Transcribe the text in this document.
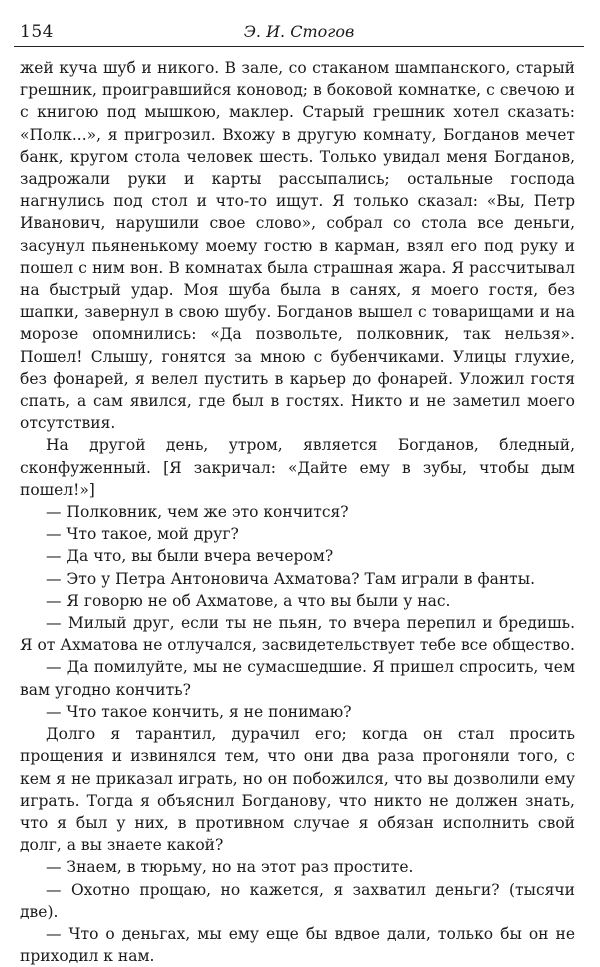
154	Э. И. Стогов

жей куча шуб и никого. В зале, со стаканом шампанского, старый грешник, проигравшийся коновод; в боковой комнатке, с свечою и с книгою под мышкою, маклер. Старый грешник хотел сказать: «Полк...», я пригрозил. Вхожу в другую комнату, Богданов мечет банк, кругом стола человек шесть. Только увидал меня Богданов, задрожали руки и карты рассыпались; остальные господа нагнулись под стол и что-то ищут. Я только сказал: «Вы, Петр Иванович, нарушили свое слово», собрал со стола все деньги, засунул пьяненькому моему гостю в карман, взял его под руку и пошел с ним вон. В комнатах была страшная жара. Я рассчитывал на быстрый удар. Моя шуба была в санях, я моего гостя, без шапки, завернул в свою шубу. Богданов вышел с товарищами и на морозе опомнились: «Да позвольте, полковник, так нельзя». Пошел! Слышу, гонятся за мною с бубенчиками. Улицы глухие, без фонарей, я велел пустить в карьер до фонарей. Уложил гостя спать, а сам явился, где был в гостях. Никто и не заметил моего отсутствия.

На другой день, утром, является Богданов, бледный, сконфуженный. [Я закричал: «Дайте ему в зубы, чтобы дым пошел!»]

— Полковник, чем же это кончится?

— Что такое, мой друг?

— Да что, вы были вчера вечером?

— Это у Петра Антоновича Ахматова? Там играли в фанты.

— Я говорю не об Ахматове, а что вы были у нас.

— Милый друг, если ты не пьян, то вчера перепил и бредишь. Я от Ахматова не отлучался, засвидетельствует тебе все общество.

— Да помилуйте, мы не сумасшедшие. Я пришел спросить, чем вам угодно кончить?

— Что такое кончить, я не понимаю?

Долго я тарантил, дурачил его; когда он стал просить прощения и извинялся тем, что они два раза прогоняли того, с кем я не приказал играть, но он побожился, что вы дозволили ему играть. Тогда я объяснил Богданову, что никто не должен знать, что я был у них, в противном случае я обязан исполнить свой долг, а вы знаете какой?

— Знаем, в тюрьму, но на этот раз простите.

— Охотно прощаю, но кажется, я захватил деньги? (тысячи две).

— Что о деньгах, мы ему еще бы вдвое дали, только бы он не приходил к нам.
